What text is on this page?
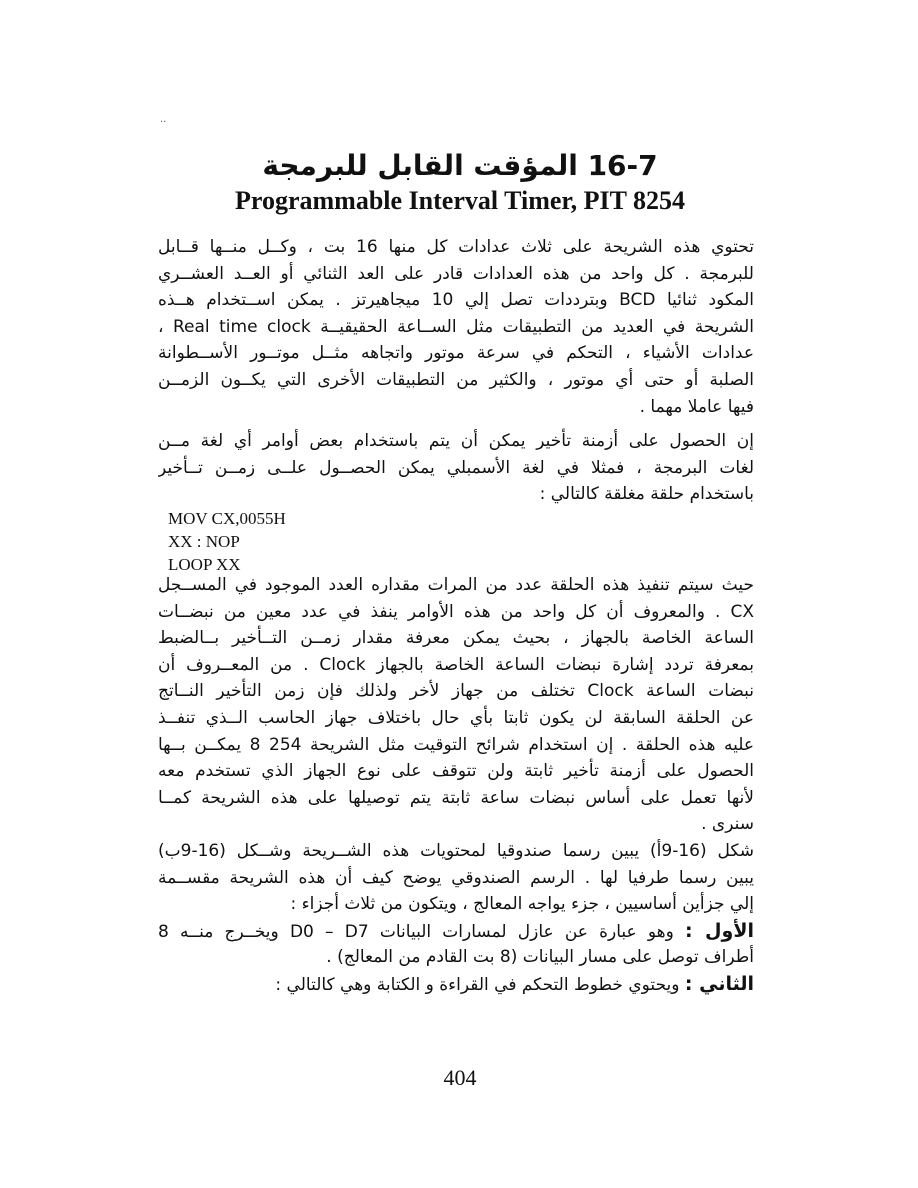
··
16-7 المؤقت القابل للبرمجة
Programmable Interval Timer, PIT 8254
تحتوي هذه الشريحة على ثلاث عدادات كل منها 16 بت ، وكــل منــها قــابل
للبرمجة . كل واحد من هذه العدادات قادر على العد الثنائي أو العــد العشــري
المكود ثنائيا BCD وبترددات تصل إلي 10 ميجاهيرتز . يمكن اســتخدام هــذه
الشريحة في العديد من التطبيقات مثل الســاعة الحقيقيــة Real time clock ،
عدادات الأشياء ، التحكم في سرعة موتور واتجاهه مثــل موتــور الأســطوانة
الصلبة أو حتى أي موتور ، والكثير من التطبيقات الأخرى التي يكــون الزمــن
فيها عاملا مهما .
إن الحصول على أزمنة تأخير يمكن أن يتم باستخدام بعض أوامر أي لغة مــن
لغات البرمجة ، فمثلا في لغة الأسمبلي يمكن الحصــول علــى زمــن تــأخير
باستخدام حلقة مغلقة كالتالي :
MOV CX,0055H
XX : NOP
LOOP XX
حيث سيتم تنفيذ هذه الحلقة عدد من المرات مقداره العدد الموجود في المســجل
CX . والمعروف أن كل واحد من هذه الأوامر ينفذ في عدد معين من نبضــات
الساعة الخاصة بالجهاز ، بحيث يمكن معرفة مقدار زمــن التــأخير بــالضبط
بمعرفة تردد إشارة نبضات الساعة الخاصة بالجهاز Clock . من المعــروف أن
نبضات الساعة Clock تختلف من جهاز لأخر ولذلك فإن زمن التأخير النــاتج
عن الحلقة السابقة لن يكون ثابتا بأي حال باختلاف جهاز الحاسب الــذي تنفــذ
عليه هذه الحلقة . إن استخدام شرائح التوقيت مثل الشريحة 254 8 يمكــن بــها
الحصول على أزمنة تأخير ثابتة ولن تتوقف على نوع الجهاز الذي تستخدم معه
لأنها تعمل على أساس نبضات ساعة ثابتة يتم توصيلها على هذه الشريحة كمــا
سنرى .
شكل (16-9أ) يبين رسما صندوقيا لمحتويات هذه الشــريحة وشــكل (16-9ب)
يبين رسما طرفيا لها . الرسم الصندوقي يوضح كيف أن هذه الشريحة مقســمة
إلي جزأين أساسيين ، جزء يواجه المعالج ، ويتكون من ثلاث أجزاء :
الأول : وهو عبارة عن عازل لمسارات البيانات D0 – D7 ويخــرج منــه 8
أطراف توصل على مسار البيانات (8 بت القادم من المعالج) .
الثاني : ويحتوي خطوط التحكم في القراءة و الكتابة وهي كالتالي :
404
